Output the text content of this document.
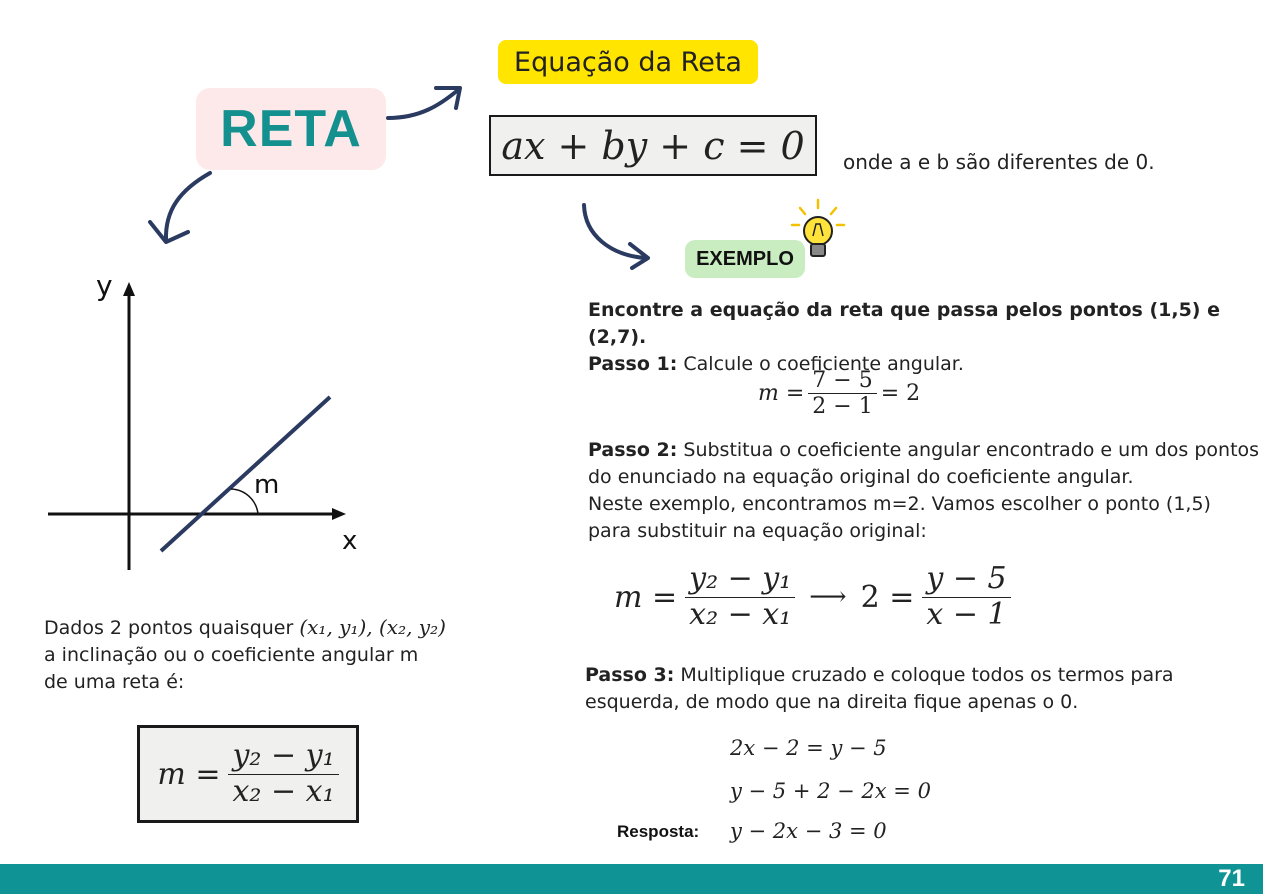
RETA
Equação da Reta
ax + by + c = 0	onde a e b são diferentes de 0.
y
x
m
Dados 2 pontos quaisquer (x₁, y₁), (x₂, y₂)
a inclinação ou o coeficiente angular m
de uma reta é:
$m = \frac{\text{y₂ − y₁}}{\text{x₂ − x₁}}$
EXEMPLO
Encontre a equação da reta que passa pelos pontos (1,5) e (2,7).
Passo 1: Calcule o coeficiente angular.
$m = \frac{7 - 5}{2 - 1} = 2$
Passo 2: Substitua o coeficiente angular encontrado e um dos pontos
do enunciado na equação original do coeficiente angular.
Neste exemplo, encontramos m=2. Vamos escolher o ponto (1,5)
para substituir na equação original:
$m = \frac{\text{y₂ − y₁}}{\text{x₂ − x₁}}$ ⟶ $2 = \frac{y - 5}{x - 1}$
Passo 3: Multiplique cruzado e coloque todos os termos para
esquerda, de modo que na direita fique apenas o 0.
2x − 2 = y − 5
y − 5 + 2 − 2x = 0
Resposta: y − 2x − 3 = 0
71
